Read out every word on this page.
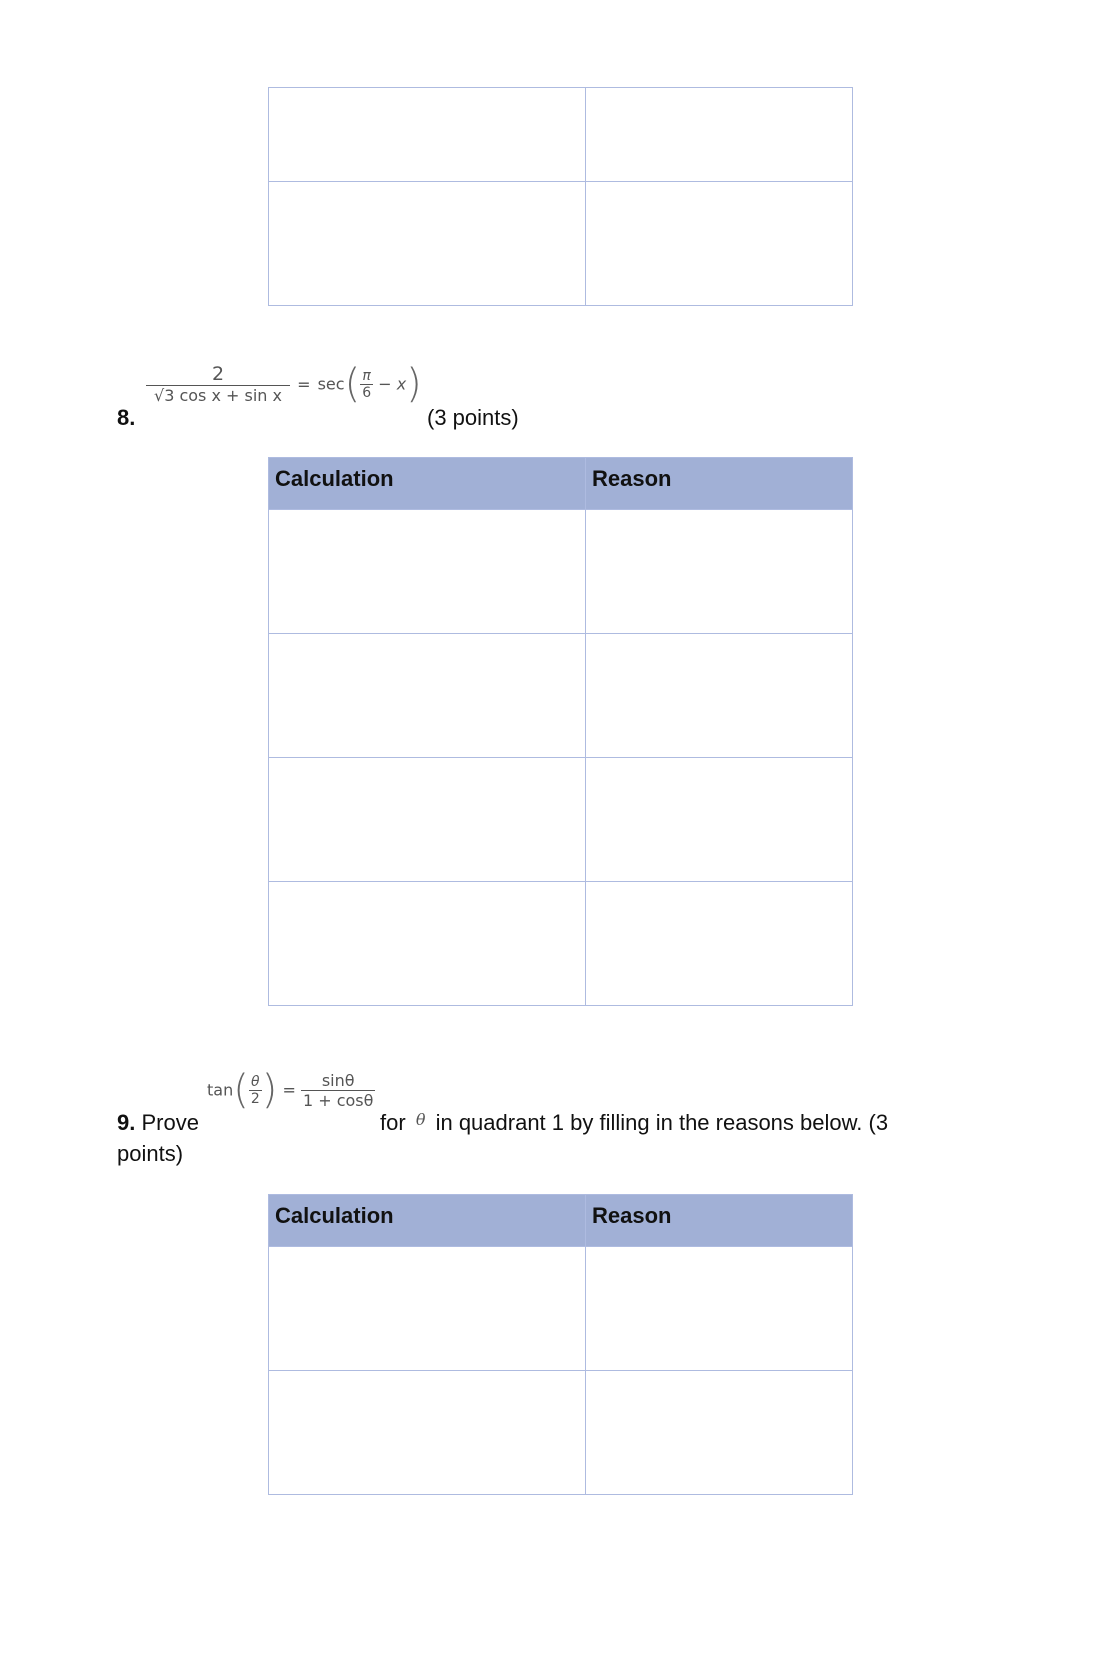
8.
$\frac{2}{\text{√3 cos x + sin x}} = \sec( \frac{\pi}{6} - x)$
(3 points)
Calculation	Reason

9. Prove
$\tan( \frac{\theta}{2}$ ) = $\frac{\sin\theta}{1 + \cos\theta}$
for $^\theta$ in quadrant 1 by filling in the reasons below. (3
points)
Calculation	Reason
